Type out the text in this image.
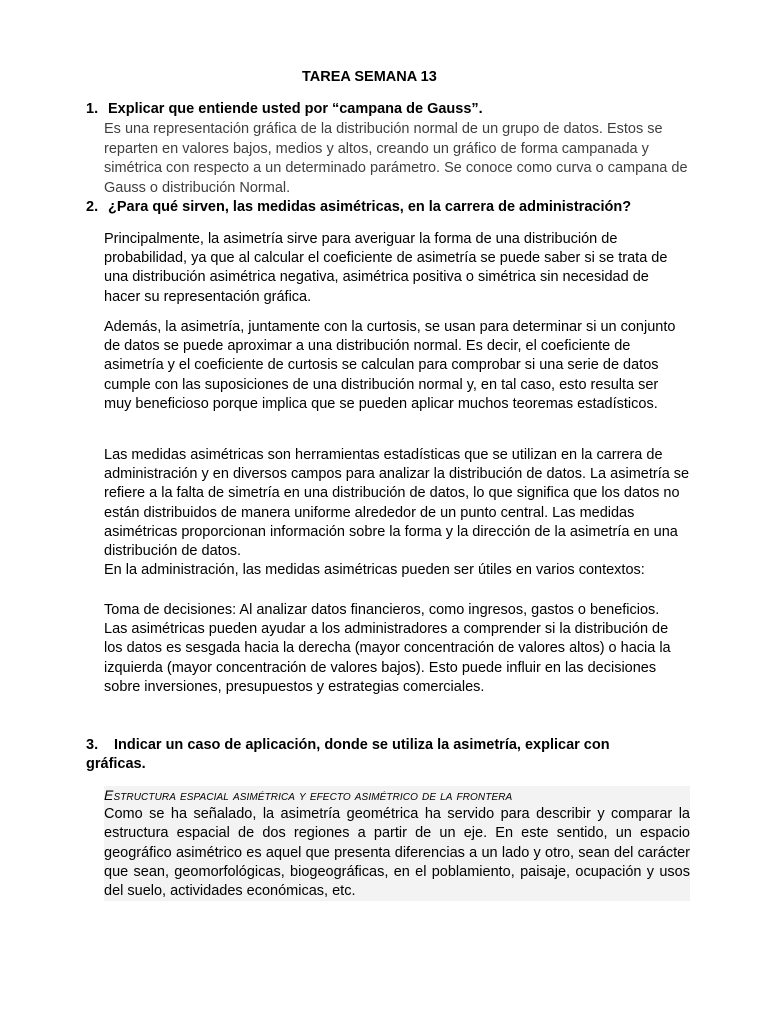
TAREA SEMANA 13
1. Explicar que entiende usted por “campana de Gauss”.

Es una representación gráfica de la distribución normal de un grupo de datos. Estos se reparten en valores bajos, medios y altos, creando un gráfico de forma campanada y simétrica con respecto a un determinado parámetro. Se conoce como curva o campana de Gauss o distribución Normal.

2. ¿Para qué sirven, las medidas asimétricas, en la carrera de administración?

Principalmente, la asimetría sirve para averiguar la forma de una distribución de probabilidad, ya que al calcular el coeficiente de asimetría se puede saber si se trata de una distribución asimétrica negativa, asimétrica positiva o simétrica sin necesidad de hacer su representación gráfica.

Además, la asimetría, juntamente con la curtosis, se usan para determinar si un conjunto de datos se puede aproximar a una distribución normal. Es decir, el coeficiente de asimetría y el coeficiente de curtosis se calculan para comprobar si una serie de datos cumple con las suposiciones de una distribución normal y, en tal caso, esto resulta ser muy beneficioso porque implica que se pueden aplicar muchos teoremas estadísticos.

Las medidas asimétricas son herramientas estadísticas que se utilizan en la carrera de administración y en diversos campos para analizar la distribución de datos. La asimetría se refiere a la falta de simetría en una distribución de datos, lo que significa que los datos no están distribuidos de manera uniforme alrededor de un punto central. Las medidas asimétricas proporcionan información sobre la forma y la dirección de la asimetría en una distribución de datos.

En la administración, las medidas asimétricas pueden ser útiles en varios contextos:

Toma de decisiones: Al analizar datos financieros, como ingresos, gastos o beneficios. Las asimétricas pueden ayudar a los administradores a comprender si la distribución de los datos es sesgada hacia la derecha (mayor concentración de valores altos) o hacia la izquierda (mayor concentración de valores bajos). Esto puede influir en las decisiones sobre inversiones, presupuestos y estrategias comerciales.

3. Indicar un caso de aplicación, donde se utiliza la asimetría, explicar con gráficas.

Estructura espacial asimétrica y efecto asimétrico de la frontera

Como se ha señalado, la asimetría geométrica ha servido para describir y comparar la estructura espacial de dos regiones a partir de un eje. En este sentido, un espacio geográfico asimétrico es aquel que presenta diferencias a un lado y otro, sean del carácter que sean, geomorfológicas, biogeográficas, en el poblamiento, paisaje, ocupación y usos del suelo, actividades económicas, etc.
